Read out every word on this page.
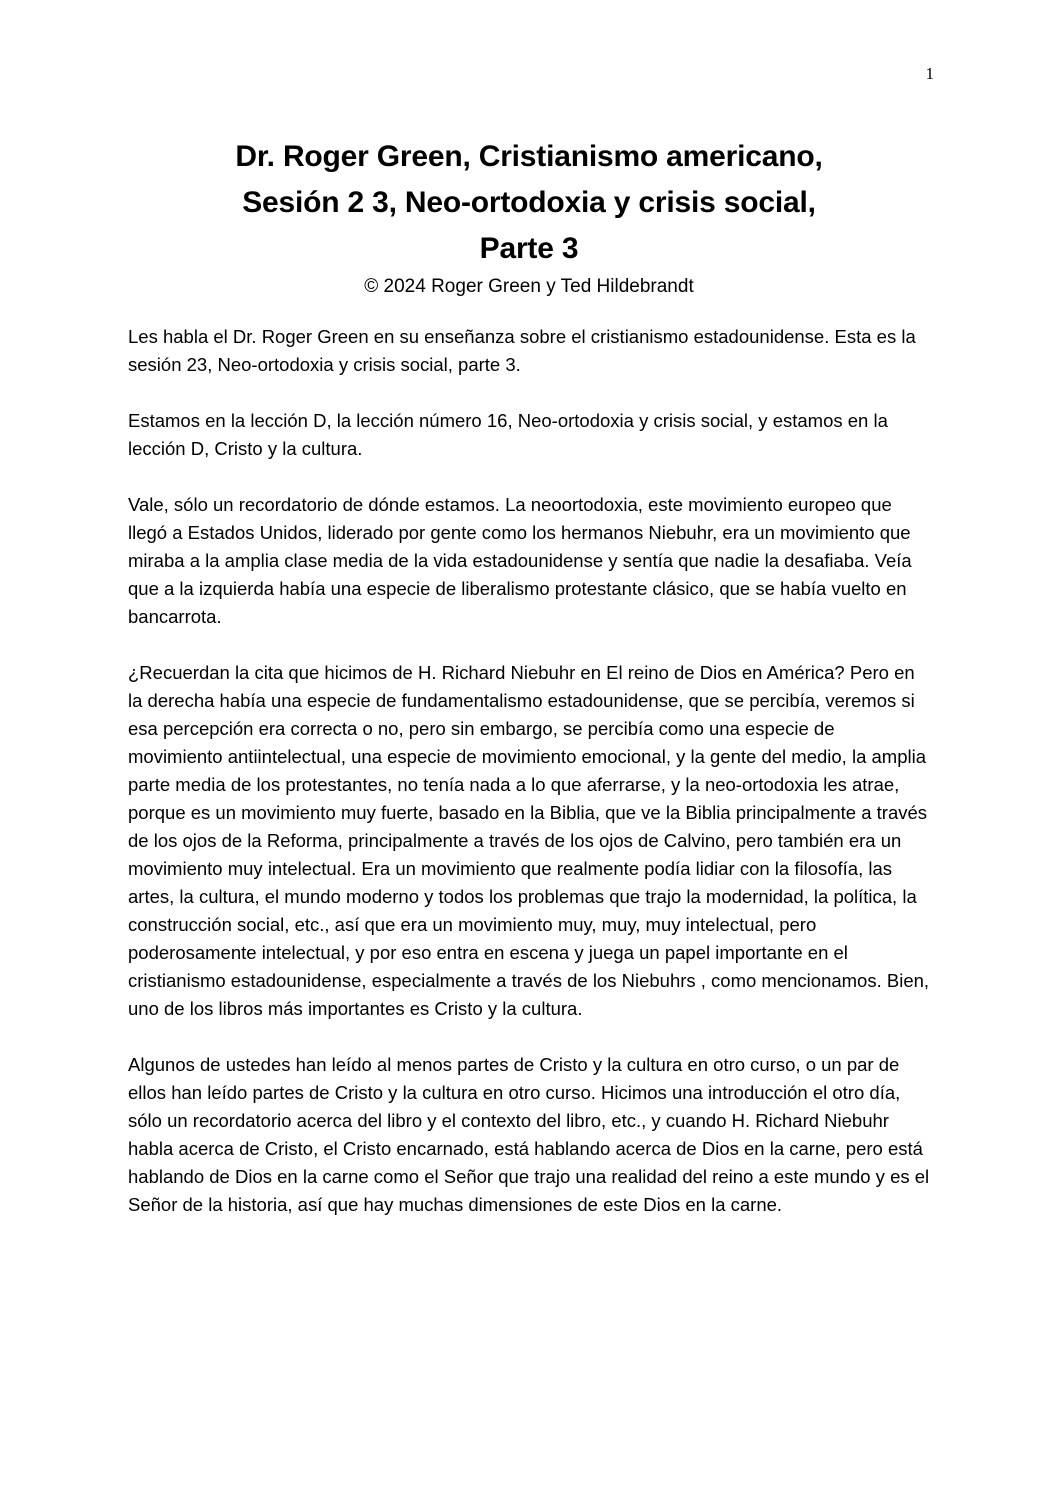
1
Dr. Roger Green, Cristianismo americano,
Sesión 2 3, Neo-ortodoxia y crisis social,
Parte 3
© 2024 Roger Green y Ted Hildebrandt

Les habla el Dr. Roger Green en su enseñanza sobre el cristianismo estadounidense. Esta es la sesión 23, Neo-ortodoxia y crisis social, parte 3.

Estamos en la lección D, la lección número 16, Neo-ortodoxia y crisis social, y estamos en la lección D, Cristo y la cultura.

Vale, sólo un recordatorio de dónde estamos. La neoortodoxia, este movimiento europeo que llegó a Estados Unidos, liderado por gente como los hermanos Niebuhr, era un movimiento que miraba a la amplia clase media de la vida estadounidense y sentía que nadie la desafiaba. Veía que a la izquierda había una especie de liberalismo protestante clásico, que se había vuelto en bancarrota.

¿Recuerdan la cita que hicimos de H. Richard Niebuhr en El reino de Dios en América? Pero en la derecha había una especie de fundamentalismo estadounidense, que se percibía, veremos si esa percepción era correcta o no, pero sin embargo, se percibía como una especie de movimiento antiintelectual, una especie de movimiento emocional, y la gente del medio, la amplia parte media de los protestantes, no tenía nada a lo que aferrarse, y la neo-ortodoxia les atrae, porque es un movimiento muy fuerte, basado en la Biblia, que ve la Biblia principalmente a través de los ojos de la Reforma, principalmente a través de los ojos de Calvino, pero también era un movimiento muy intelectual. Era un movimiento que realmente podía lidiar con la filosofía, las artes, la cultura, el mundo moderno y todos los problemas que trajo la modernidad, la política, la construcción social, etc., así que era un movimiento muy, muy, muy intelectual, pero poderosamente intelectual, y por eso entra en escena y juega un papel importante en el cristianismo estadounidense, especialmente a través de los Niebuhrs , como mencionamos. Bien, uno de los libros más importantes es Cristo y la cultura.

Algunos de ustedes han leído al menos partes de Cristo y la cultura en otro curso, o un par de ellos han leído partes de Cristo y la cultura en otro curso. Hicimos una introducción el otro día, sólo un recordatorio acerca del libro y el contexto del libro, etc., y cuando H. Richard Niebuhr habla acerca de Cristo, el Cristo encarnado, está hablando acerca de Dios en la carne, pero está hablando de Dios en la carne como el Señor que trajo una realidad del reino a este mundo y es el Señor de la historia, así que hay muchas dimensiones de este Dios en la carne.
